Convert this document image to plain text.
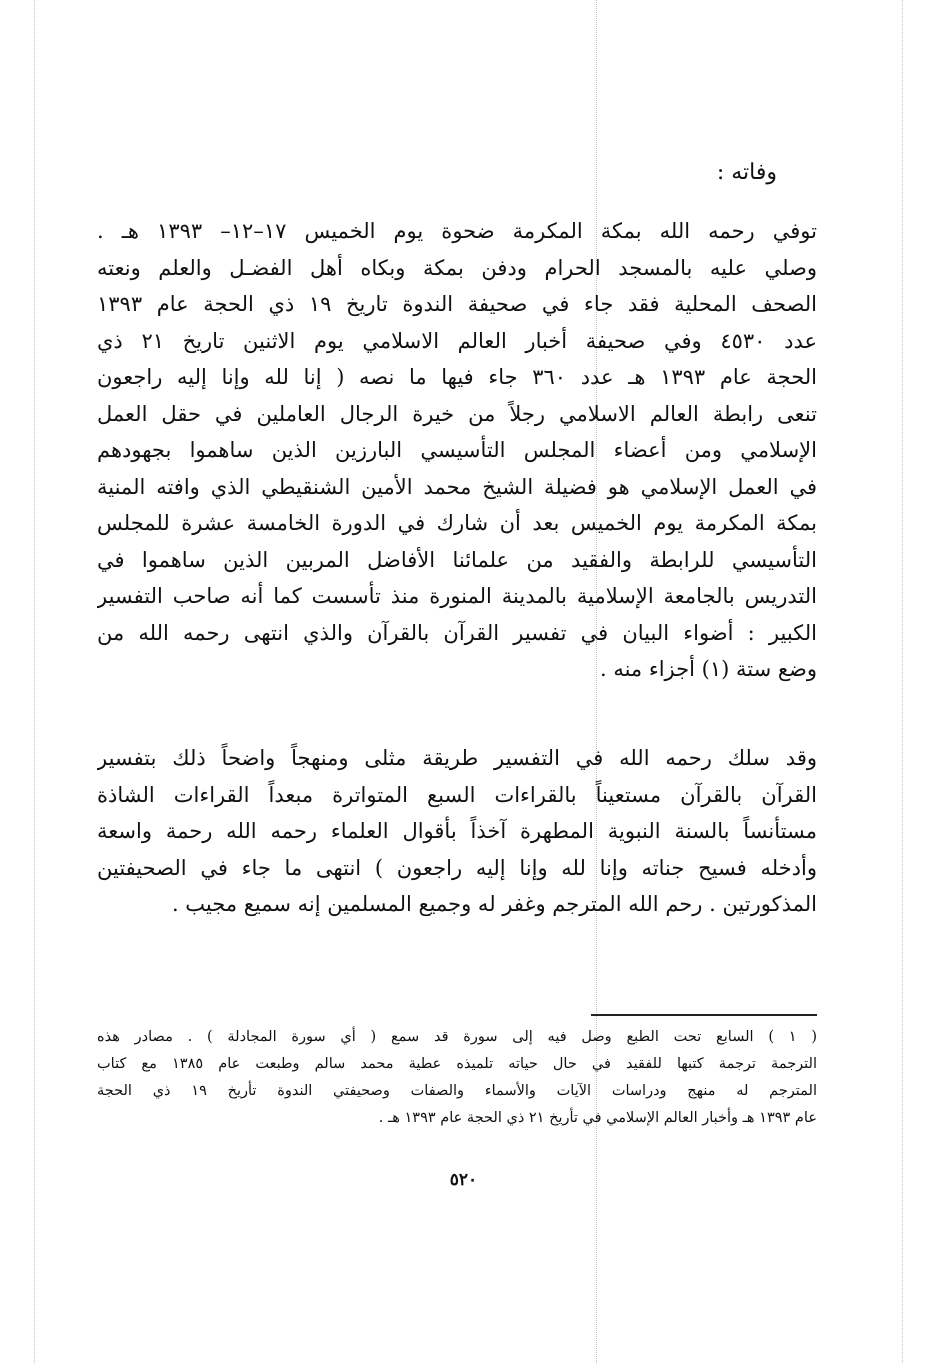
وفاته :
توفي رحمه الله بمكة المكرمة ضحوة يوم الخميس ١٧–١٢– ١٣٩٣ هـ .
وصلي عليه بالمسجد الحرام ودفن بمكة وبكاه أهل الفضـل والعلم ونعته
الصحف المحلية فقد جاء في صحيفة الندوة تاريخ ١٩ ذي الحجة عام ١٣٩٣
عدد ٤٥٣٠ وفي صحيفة أخبار العالم الاسلامي يوم الاثنين تاريخ ٢١ ذي
الحجة عام ١٣٩٣ هـ عدد ٣٦٠ جاء فيها ما نصه ( إنا لله وإنا إليه راجعون
تنعى رابطة العالم الاسلامي رجلاً من خيرة الرجال العاملين في حقل العمل
الإسلامي ومن أعضاء المجلس التأسيسي البارزين الذين ساهموا بجهودهم
في العمل الإسلامي هو فضيلة الشيخ محمد الأمين الشنقيطي الذي وافته المنية
بمكة المكرمة يوم الخميس بعد أن شارك في الدورة الخامسة عشرة للمجلس
التأسيسي للرابطة والفقيد من علمائنا الأفاضل المربين الذين ساهموا في
التدريس بالجامعة الإسلامية بالمدينة المنورة منذ تأسست كما أنه صاحب التفسير
الكبير : أضواء البيان في تفسير القرآن بالقرآن والذي انتهى رحمه الله من
وضع ستة (١) أجزاء منه .
وقد سلك رحمه الله في التفسير طريقة مثلى ومنهجاً واضحاً ذلك بتفسير
القرآن بالقرآن مستعيناً بالقراءات السبع المتواترة مبعداً القراءات الشاذة
مستأنساً بالسنة النبوية المطهرة آخذاً بأقوال العلماء رحمه الله رحمة واسعة
وأدخله فسيح جناته وإنا لله وإنا إليه راجعون ) انتهى ما جاء في الصحيفتين
المذكورتين . رحم الله المترجم وغفر له وجميع المسلمين إنه سميع مجيب .
( ١ ) السابع تحت الطبع وصل فيه إلى سورة قد سمع ( أي سورة المجادلة ) . مصادر هذه
الترجمة ترجمة كتبها للفقيد في حال حياته تلميذه عطية محمد سالم وطبعت عام ١٣٨٥ مع كتاب
المترجم له منهج ودراسات الآيات والأسماء والصفات وصحيفتي الندوة تأريخ ١٩ ذي الحجة
عام ١٣٩٣ هـ وأخبار العالم الإسلامي في تأريخ ٢١ ذي الحجة عام ١٣٩٣ هـ .
٥٢٠
